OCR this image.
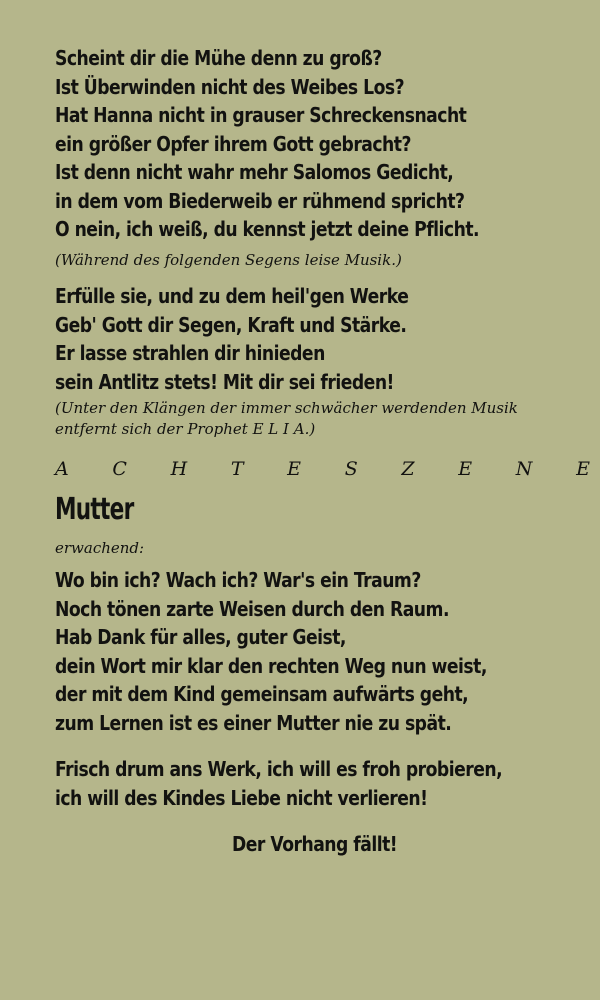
Scheint dir die Mühe denn zu groß?
Ist Überwinden nicht des Weibes Los?
Hat Hanna nicht in grauser Schreckensnacht
ein größer Opfer ihrem Gott gebracht?
Ist denn nicht wahr mehr Salomos Gedicht,
in dem vom Biederweib er rühmend spricht?
O nein, ich weiß, du kennst jetzt deine Pflicht.
(Während des folgenden Segens leise Musik.)
Erfülle sie, und zu dem heil'gen Werke
Geb' Gott dir Segen, Kraft und Stärke.
Er lasse strahlen dir hinieden
sein Antlitz stets! Mit dir sei frieden!
(Unter den Klängen der immer schwächer werdenden Musik
entfernt sich der Prophet E L I A.)
A C H T E S Z E N E
Mutter
erwachend:
Wo bin ich? Wach ich? War's ein Traum?
Noch tönen zarte Weisen durch den Raum.
Hab Dank für alles, guter Geist,
dein Wort mir klar den rechten Weg nun weist,
der mit dem Kind gemeinsam aufwärts geht,
zum Lernen ist es einer Mutter nie zu spät.
Frisch drum ans Werk, ich will es froh probieren,
ich will des Kindes Liebe nicht verlieren!
Der Vorhang fällt!
